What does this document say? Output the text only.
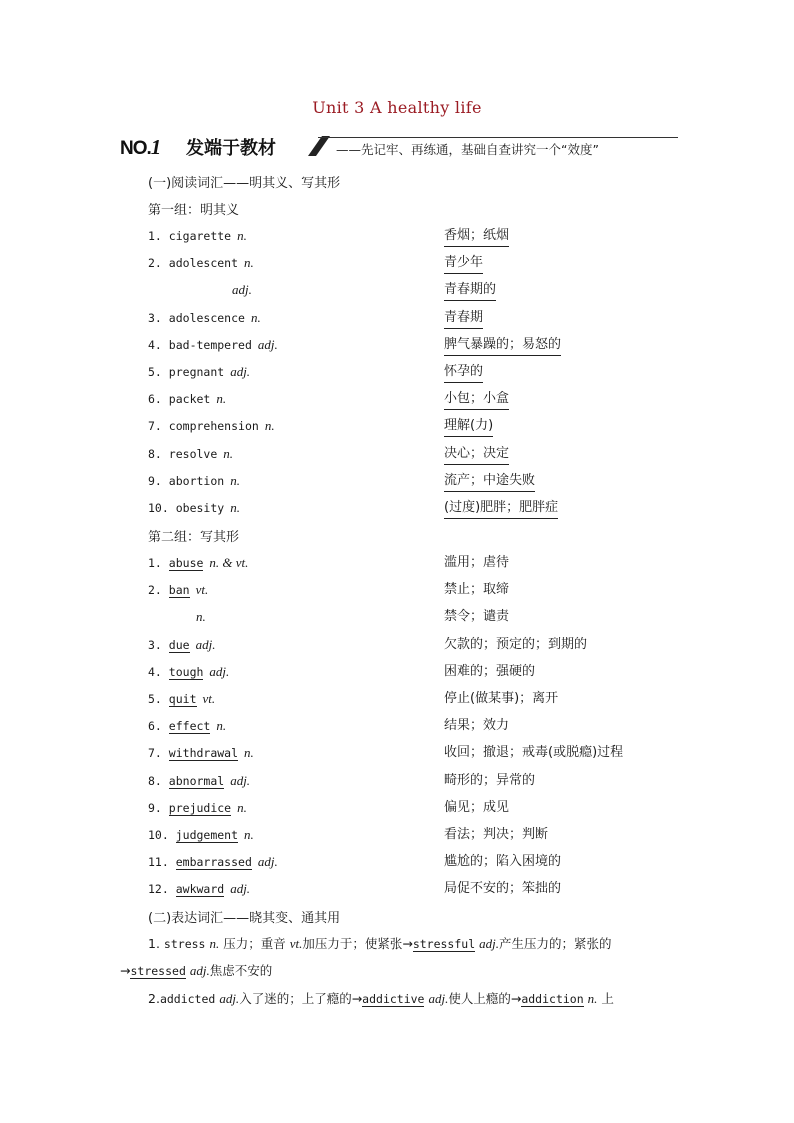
Unit 3 A healthy life
NO.1 发端于教材	——先记牢、再练通，基础自查讲究一个“效度”
(一)阅读词汇——明其义、写其形
第一组：明其义
1. cigarette n.	香烟；纸烟
2. adolescent n.	青少年
adj.	青春期的
3. adolescence n.	青春期
4. bad-tempered adj.	脾气暴躁的；易怒的
5. pregnant adj.	怀孕的
6. packet n.	小包；小盒
7. comprehension n.	理解(力)
8. resolve n.	决心；决定
9. abortion n.	流产；中途失败
10. obesity n.	(过度)肥胖；肥胖症
第二组：写其形
1. abuse n. & vt.	滥用；虐待
2. ban vt.	禁止；取缔
n.	禁令；谴责
3. due adj.	欠款的；预定的；到期的
4. tough adj.	困难的；强硬的
5. quit vt.	停止(做某事)；离开
6. effect n.	结果；效力
7. withdrawal n.	收回；撤退；戒毒(或脱瘾)过程
8. abnormal adj.	畸形的；异常的
9. prejudice n.	偏见；成见
10. judgement n.	看法；判决；判断
11. embarrassed adj.	尴尬的；陷入困境的
12. awkward adj.	局促不安的；笨拙的
(二)表达词汇——晓其变、通其用
1. stress n. 压力；重音 vt.加压力于；使紧张→stressful adj.产生压力的；紧张的
→stressed adj.焦虑不安的
2.addicted adj.入了迷的；上了瘾的→addictive adj.使人上瘾的→addiction n. 上
